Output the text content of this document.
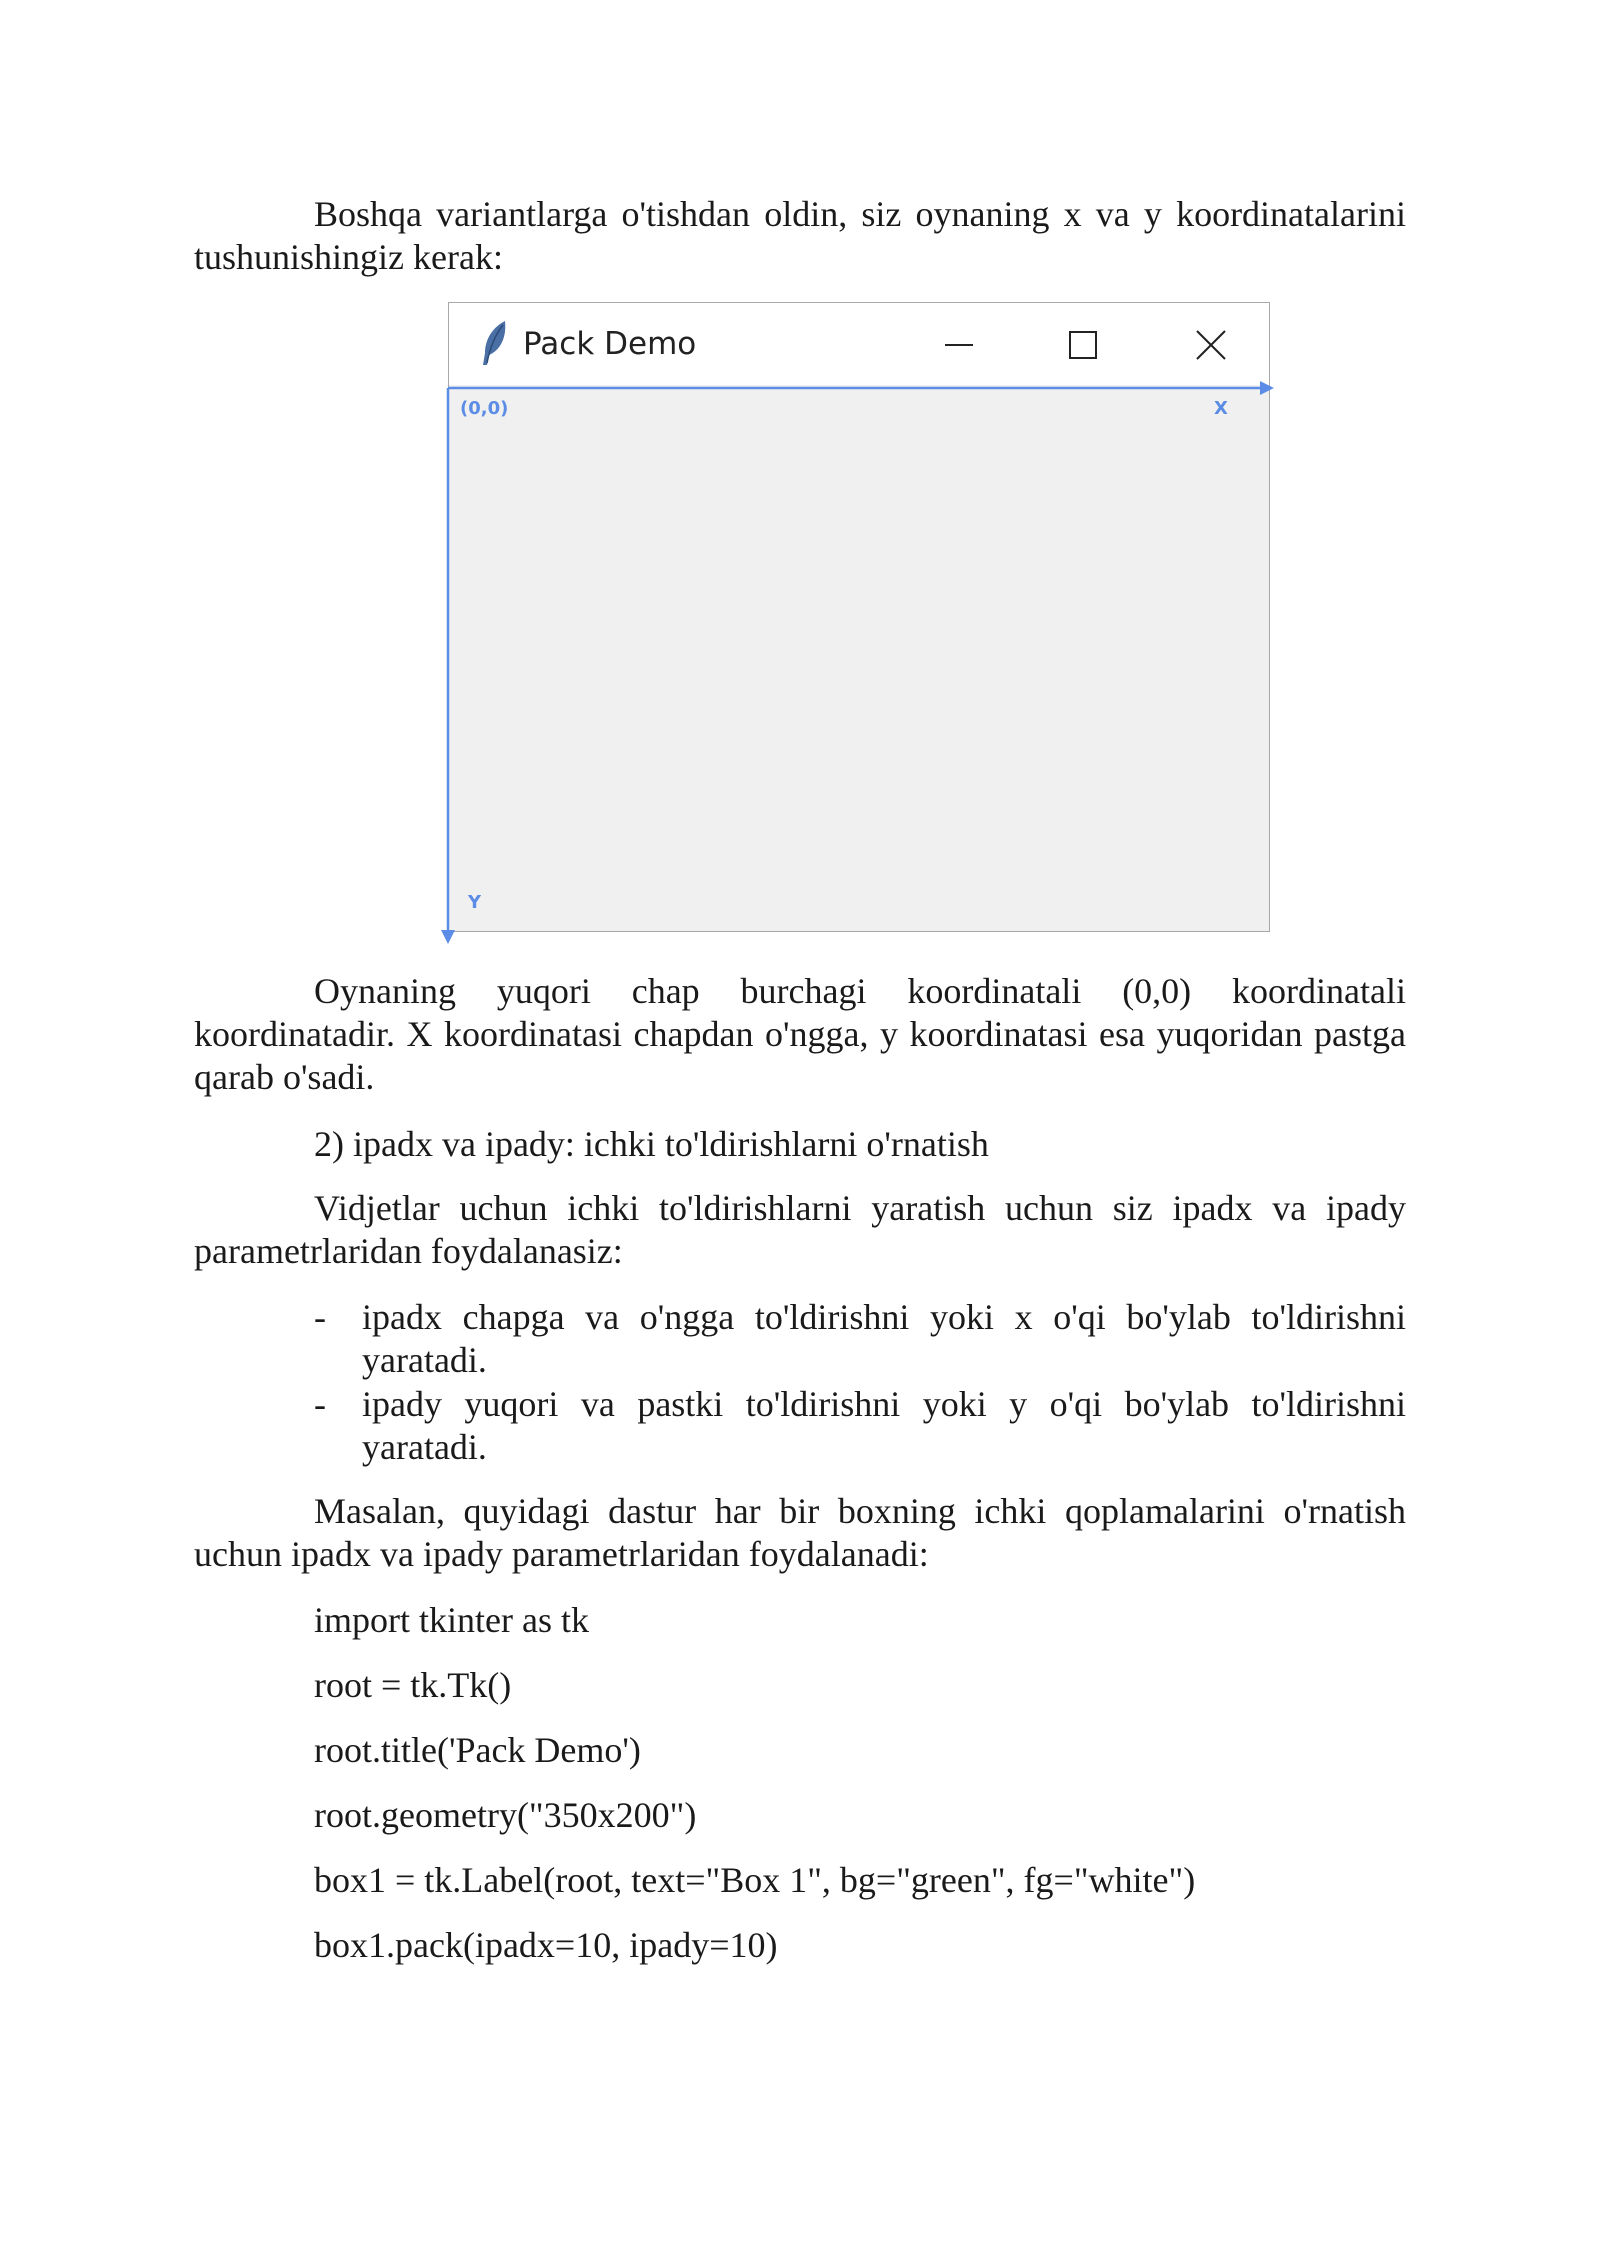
Boshqa variantlarga o'tishdan oldin, siz oynaning x va y koordinatalarini tushunishingiz kerak:

Pack Demo
(0,0)	X
Y

Oynaning yuqori chap burchagi koordinatali (0,0) koordinatali koordinatadir. X koordinatasi chapdan o'ngga, y koordinatasi esa yuqoridan pastga qarab o'sadi.

2) ipadx va ipady: ichki to'ldirishlarni o'rnatish

Vidjetlar uchun ichki to'ldirishlarni yaratish uchun siz ipadx va ipady parametrlaridan foydalanasiz:

- ipadx chapga va o'ngga to'ldirishni yoki x o'qi bo'ylab to'ldirishni yaratadi.
- ipady yuqori va pastki to'ldirishni yoki y o'qi bo'ylab to'ldirishni yaratadi.

Masalan, quyidagi dastur har bir boxning ichki qoplamalarini o'rnatish uchun ipadx va ipady parametrlaridan foydalanadi:

import tkinter as tk

root = tk.Tk()

root.title('Pack Demo')

root.geometry("350x200")

box1 = tk.Label(root, text="Box 1", bg="green", fg="white")

box1.pack(ipadx=10, ipady=10)
